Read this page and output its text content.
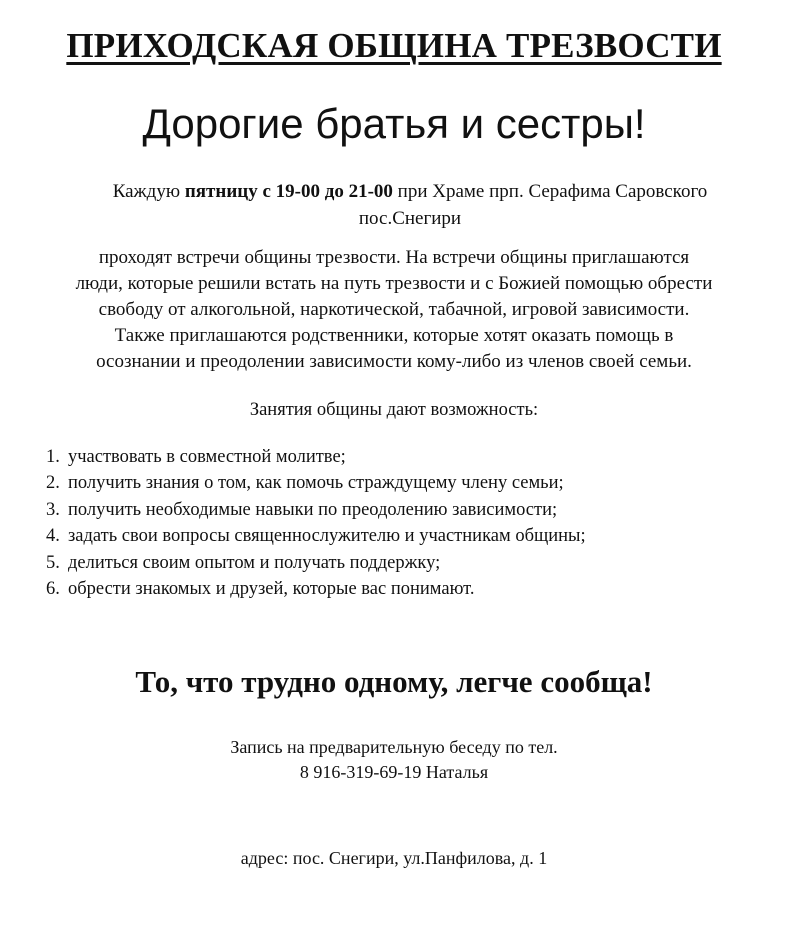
ПРИХОДСКАЯ ОБЩИНА ТРЕЗВОСТИ
Дорогие братья и сестры!
Каждую пятницу с 19-00 до 21-00 при Храме прп. Серафима Саровского пос.Снегири
проходят встречи общины трезвости. На встречи общины приглашаются
люди, которые решили встать на путь трезвости и с Божией помощью обрести
свободу от алкогольной, наркотической, табачной, игровой зависимости.
Также приглашаются родственники, которые хотят оказать помощь в
осознании и преодолении зависимости кому-либо из членов своей семьи.
Занятия общины дают возможность:
1. участвовать в совместной молитве;
2. получить знания о том, как помочь страждущему члену семьи;
3. получить необходимые навыки по преодолению зависимости;
4. задать свои вопросы священнослужителю и участникам общины;
5. делиться своим опытом и получать поддержку;
6. обрести знакомых и друзей, которые вас понимают.
То, что трудно одному, легче сообща!
Запись на предварительную беседу по тел.
8 916-319-69-19 Наталья
адрес: пос. Снегири, ул.Панфилова, д. 1
